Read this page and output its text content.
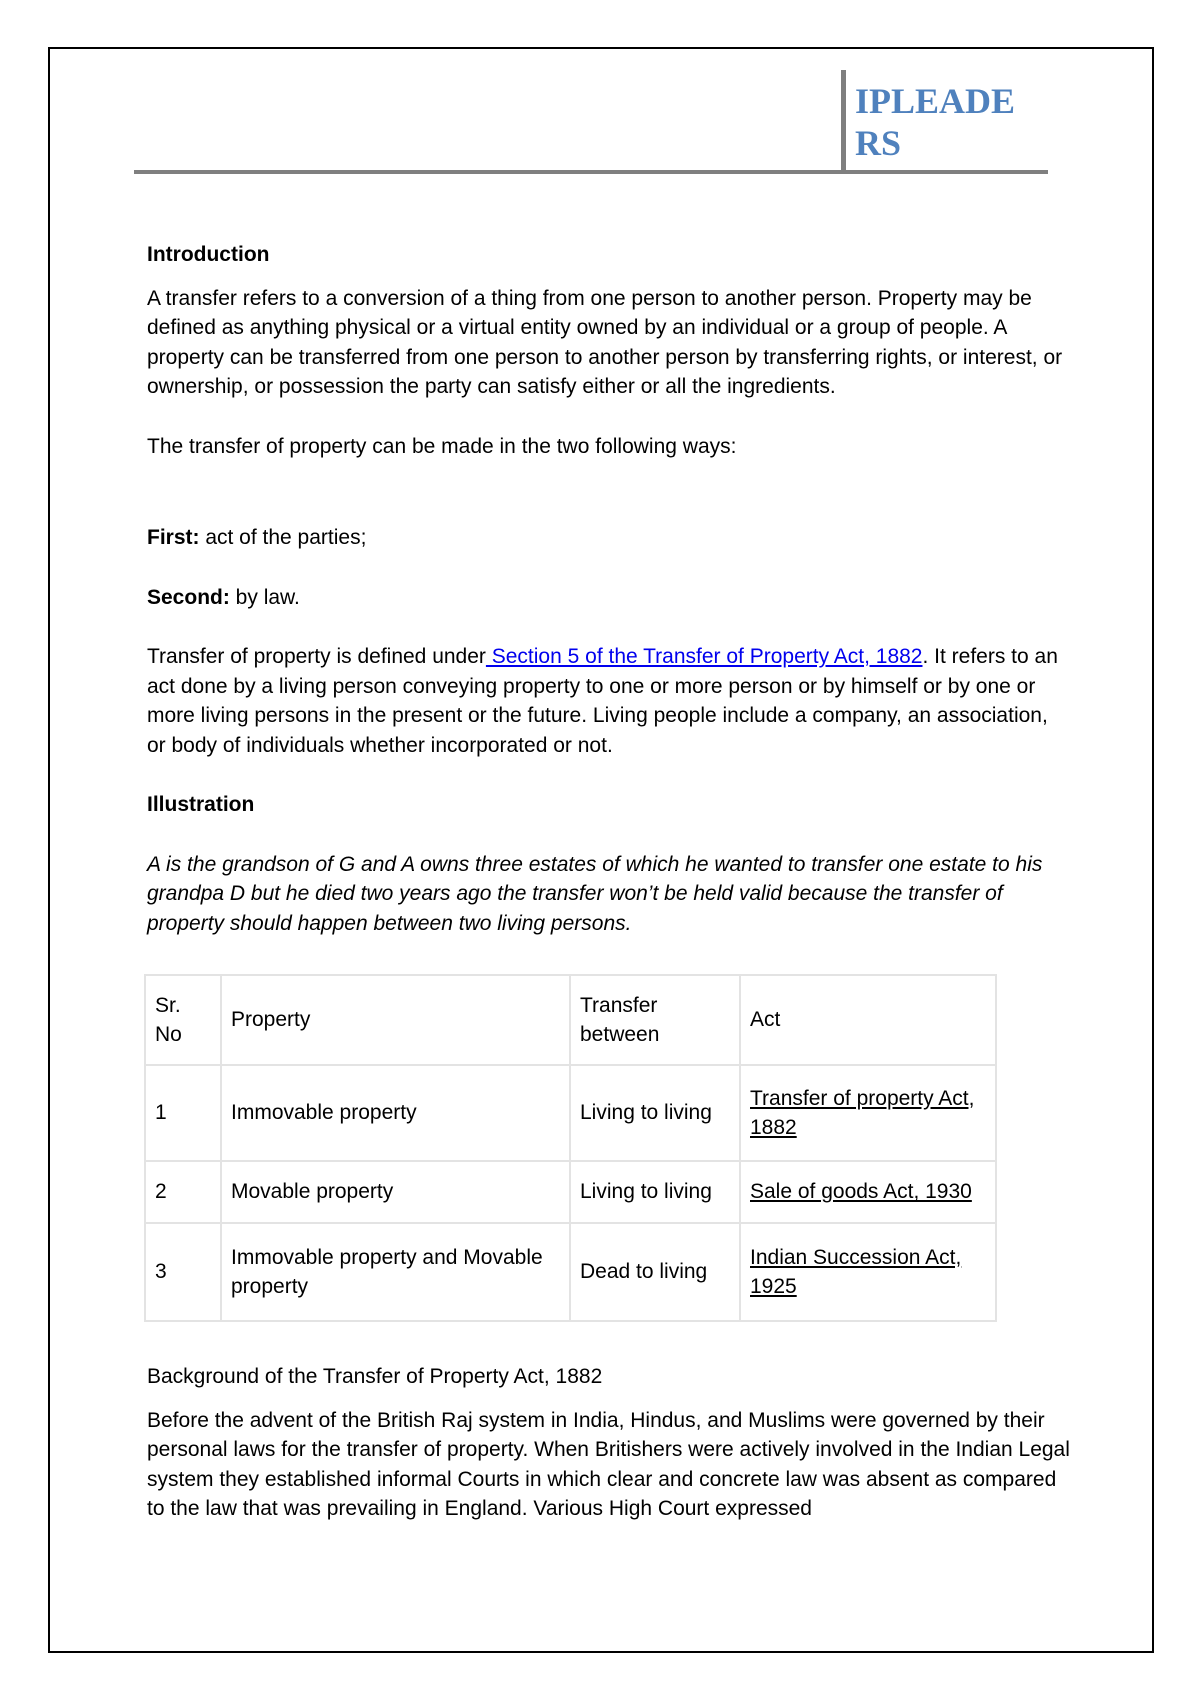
IPLEADERS

Introduction

A transfer refers to a conversion of a thing from one person to another person. Property may be defined as anything physical or a virtual entity owned by an individual or a group of people. A property can be transferred from one person to another person by transferring rights, or interest, or ownership, or possession the party can satisfy either or all the ingredients.

The transfer of property can be made in the two following ways:

First: act of the parties;

Second: by law.

Transfer of property is defined under Section 5 of the Transfer of Property Act, 1882. It refers to an act done by a living person conveying property to one or more person or by himself or by one or more living persons in the present or the future. Living people include a company, an association, or body of individuals whether incorporated or not.

Illustration

A is the grandson of G and A owns three estates of which he wanted to transfer one estate to his grandpa D but he died two years ago the transfer won’t be held valid because the transfer of property should happen between two living persons.

Sr. No	Property	Transfer between	Act
1	Immovable property	Living to living	Transfer of property Act, 1882
2	Movable property	Living to living	Sale of goods Act, 1930
3	Immovable property and Movable property	Dead to living	Indian Succession Act, 1925

Background of the Transfer of Property Act, 1882

Before the advent of the British Raj system in India, Hindus, and Muslims were governed by their personal laws for the transfer of property. When Britishers were actively involved in the Indian Legal system they established informal Courts in which clear and concrete law was absent as compared to the law that was prevailing in England. Various High Court expressed
